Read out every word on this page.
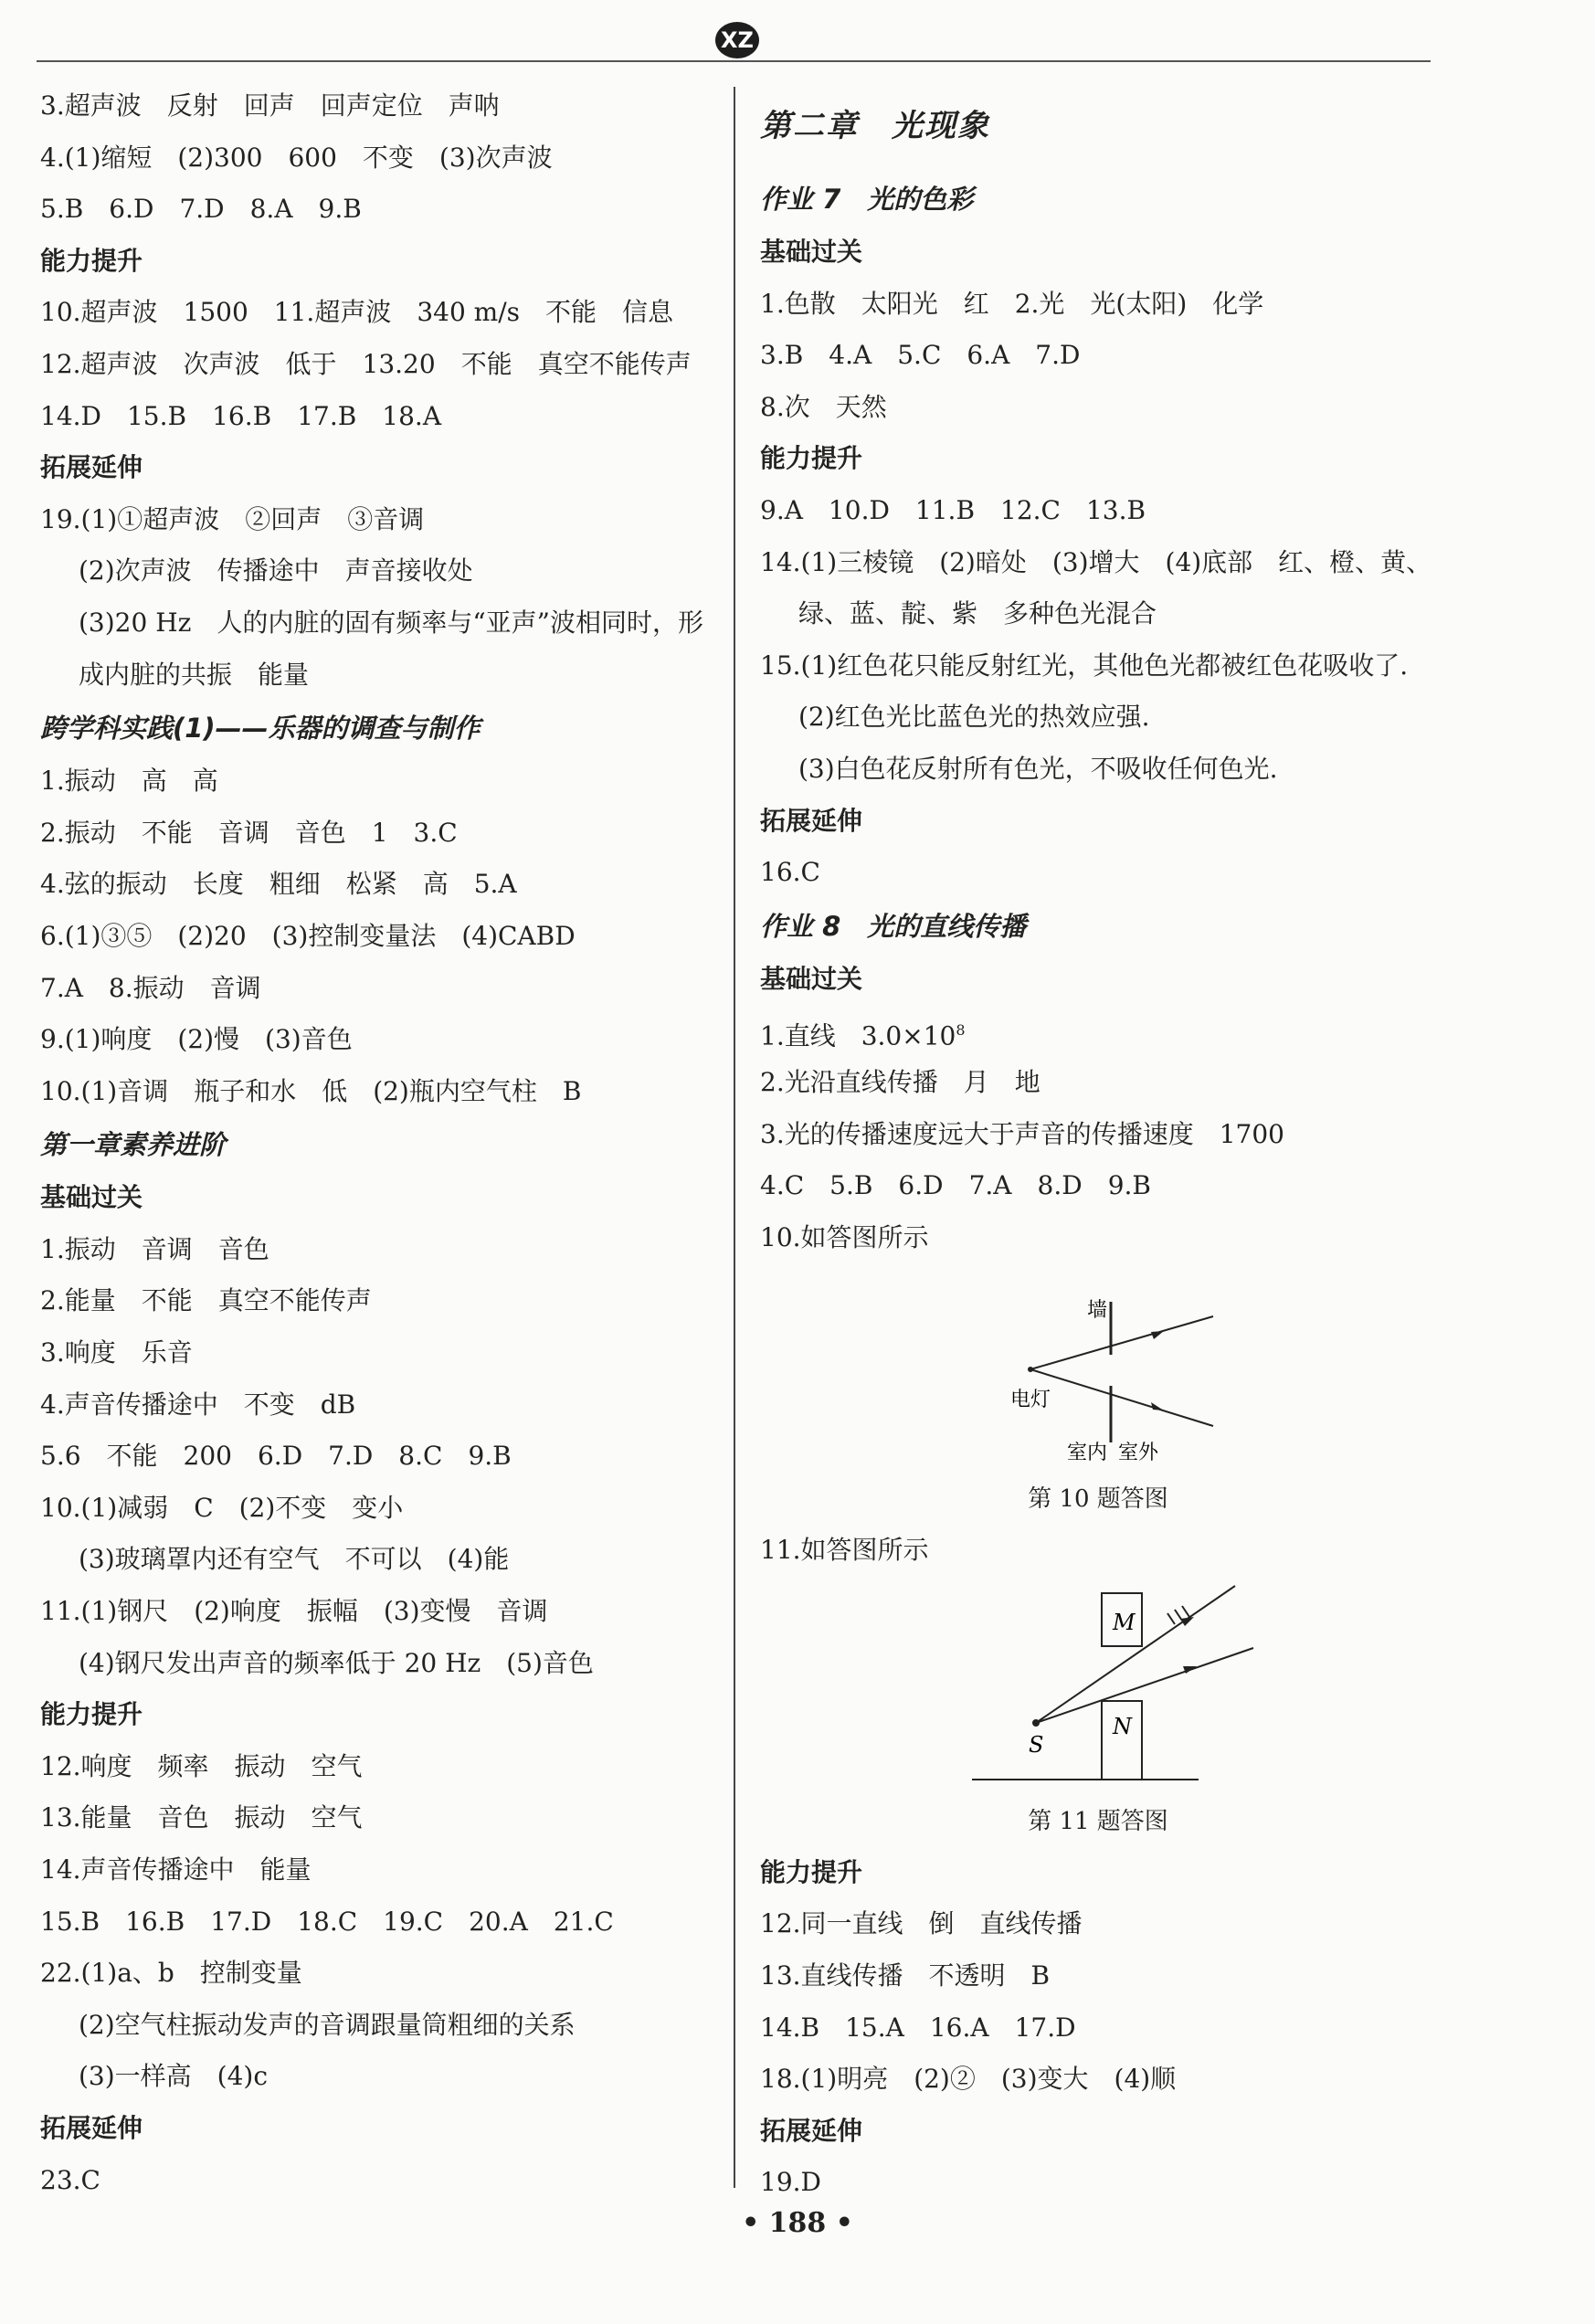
XZ
3.超声波　反射　回声　回声定位　声呐
4.(1)缩短　(2)300　600　不变　(3)次声波
5.B　6.D　7.D　8.A　9.B
能力提升
10.超声波　1500　11.超声波　340 m/s　不能　信息
12.超声波　次声波　低于　13.20　不能　真空不能传声
14.D　15.B　16.B　17.B　18.A
拓展延伸
19.(1)①超声波　②回声　③音调
(2)次声波　传播途中　声音接收处
(3)20 Hz　人的内脏的固有频率与“亚声”波相同时，形
成内脏的共振　能量
跨学科实践(1)——乐器的调查与制作
1.振动　高　高
2.振动　不能　音调　音色　1　3.C
4.弦的振动　长度　粗细　松紧　高　5.A
6.(1)③⑤　(2)20　(3)控制变量法　(4)CABD
7.A　8.振动　音调
9.(1)响度　(2)慢　(3)音色
10.(1)音调　瓶子和水　低　(2)瓶内空气柱　B
第一章素养进阶
基础过关
1.振动　音调　音色
2.能量　不能　真空不能传声
3.响度　乐音
4.声音传播途中　不变　dB
5.6　不能　200　6.D　7.D　8.C　9.B
10.(1)减弱　C　(2)不变　变小
(3)玻璃罩内还有空气　不可以　(4)能
11.(1)钢尺　(2)响度　振幅　(3)变慢　音调
(4)钢尺发出声音的频率低于 20 Hz　(5)音色
能力提升
12.响度　频率　振动　空气
13.能量　音色　振动　空气
14.声音传播途中　能量
15.B　16.B　17.D　18.C　19.C　20.A　21.C
22.(1)a、b　控制变量
(2)空气柱振动发声的音调跟量筒粗细的关系
(3)一样高　(4)c
拓展延伸
23.C
第二章　光现象
作业 7　光的色彩
基础过关
1.色散　太阳光　红　2.光　光(太阳)　化学
3.B　4.A　5.C　6.A　7.D
8.次　天然
能力提升
9.A　10.D　11.B　12.C　13.B
14.(1)三棱镜　(2)暗处　(3)增大　(4)底部　红、橙、黄、
绿、蓝、靛、紫　多种色光混合
15.(1)红色花只能反射红光，其他色光都被红色花吸收了.
(2)红色光比蓝色光的热效应强.
(3)白色花反射所有色光，不吸收任何色光.
拓展延伸
16.C
作业 8　光的直线传播
基础过关
1.直线　$3.0\times 10^8$
2.光沿直线传播　月　地
3.光的传播速度远大于声音的传播速度　1700
4.C　5.B　6.D　7.A　8.D　9.B
10.如答图所示
墙
电灯
室内 室外
第 10 题答图
11.如答图所示
M
N
S
第 11 题答图
能力提升
12.同一直线　倒　直线传播
13.直线传播　不透明　B
14.B　15.A　16.A　17.D
18.(1)明亮　(2)②　(3)变大　(4)顺
拓展延伸
19.D
• 188 •
